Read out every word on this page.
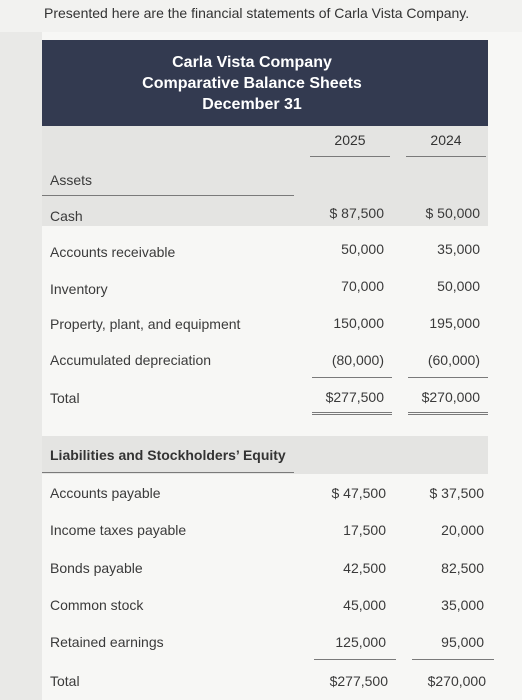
Presented here are the financial statements of Carla Vista Company.
Carla Vista Company
Comparative Balance Sheets
December 31
2025	2024
Assets
Cash	$ 87,500	$ 50,000
Accounts receivable	50,000	35,000
Inventory	70,000	50,000
Property, plant, and equipment	150,000	195,000
Accumulated depreciation	(80,000)	(60,000)
Total	$277,500	$270,000
Liabilities and Stockholders’ Equity
Accounts payable	$ 47,500	$ 37,500
Income taxes payable	17,500	20,000
Bonds payable	42,500	82,500
Common stock	45,000	35,000
Retained earnings	125,000	95,000
Total	$277,500	$270,000
